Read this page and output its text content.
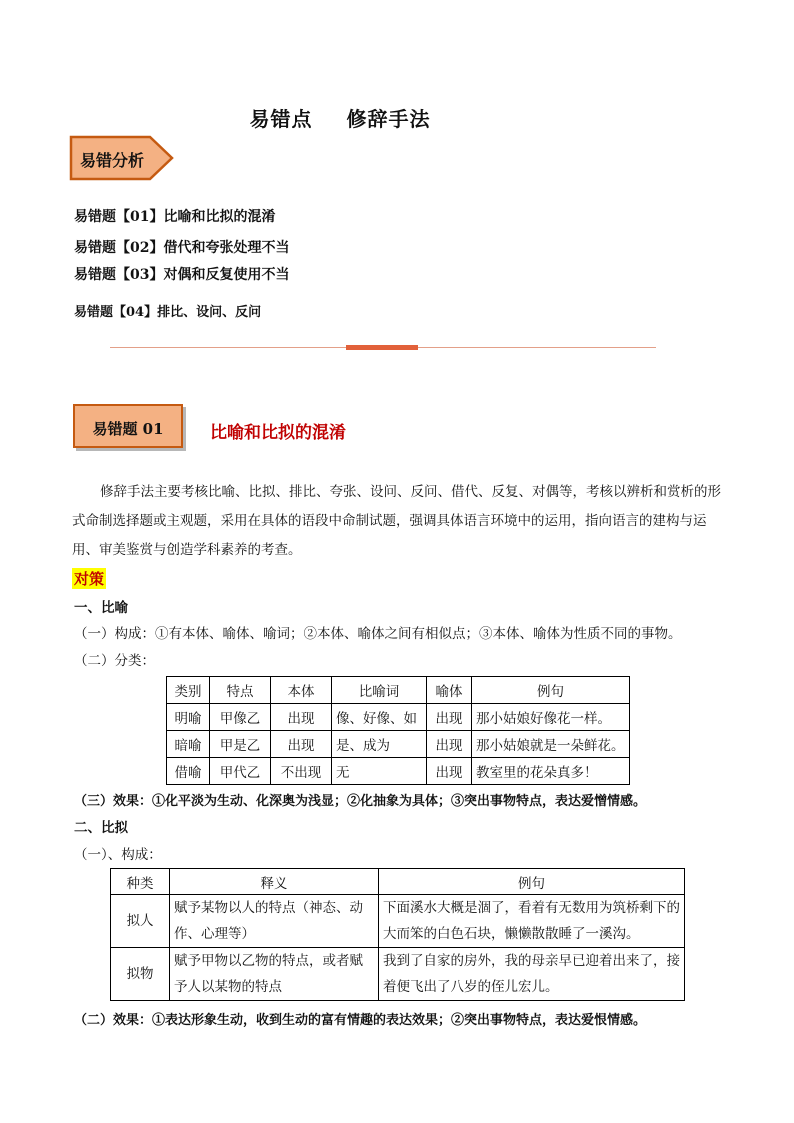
易错点 修辞手法
易错分析
易错题【01】比喻和比拟的混淆
易错题【02】借代和夸张处理不当
易错题【03】对偶和反复使用不当
易错题【04】排比、设问、反问
易错题 01	比喻和比拟的混淆
修辞手法主要考核比喻、比拟、排比、夸张、设问、反问、借代、反复、对偶等，考核以辨析和赏析的形式命制选择题或主观题，采用在具体的语段中命制试题，强调具体语言环境中的运用，指向语言的建构与运用、审美鉴赏与创造学科素养的考查。
对策
一、比喻
（一）构成：①有本体、喻体、喻词；②本体、喻体之间有相似点；③本体、喻体为性质不同的事物。
（二）分类：
类别	特点	本体	比喻词	喻体	例句
明喻	甲像乙	出现	像、好像、如	出现	那小姑娘好像花一样。
暗喻	甲是乙	出现	是、成为	出现	那小姑娘就是一朵鲜花。
借喻	甲代乙	不出现	无	出现	教室里的花朵真多！
（三）效果：①化平淡为生动、化深奥为浅显；②化抽象为具体；③突出事物特点，表达爱憎情感。
二、比拟
（一）、构成：
种类	释义	例句
拟人	赋予某物以人的特点（神态、动作、心理等）	下面溪水大概是涸了，看着有无数用为筑桥剩下的大而笨的白色石块，懒懒散散睡了一溪沟。
拟物	赋予甲物以乙物的特点，或者赋予人以某物的特点	我到了自家的房外，我的母亲早已迎着出来了，接着便飞出了八岁的侄儿宏儿。
（二）效果：①表达形象生动，收到生动的富有情趣的表达效果；②突出事物特点，表达爱恨情感。
